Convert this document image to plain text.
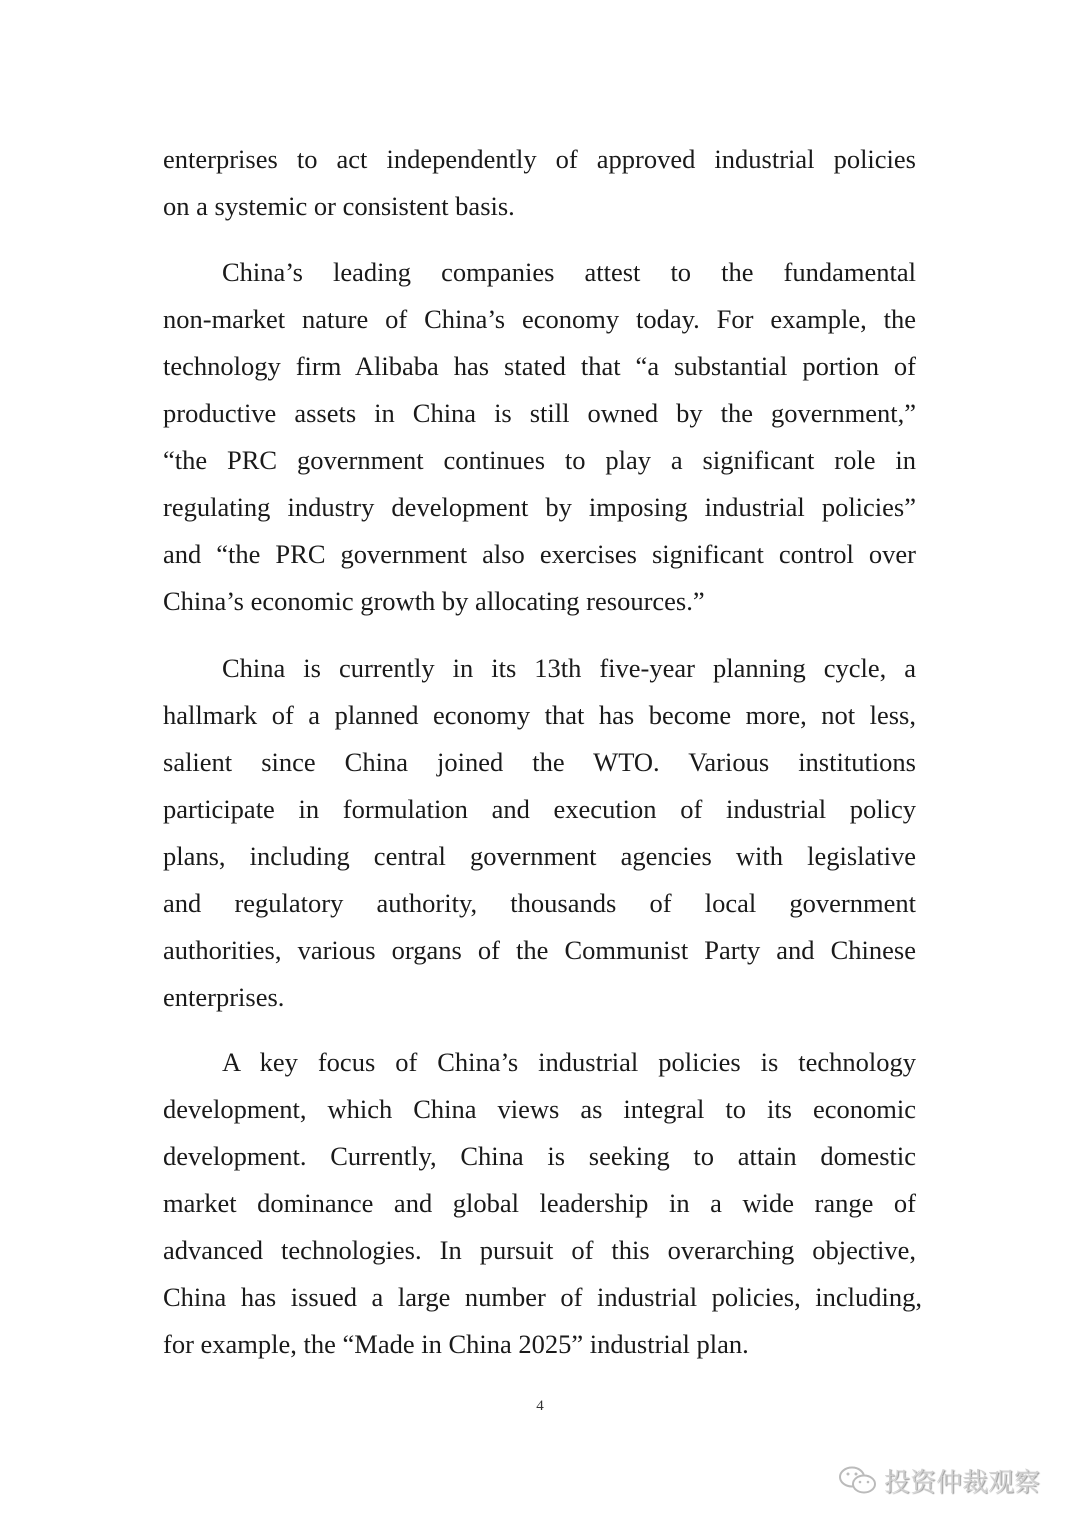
enterprises to act independently of approved industrial policies
on a systemic or consistent basis.
China’s leading companies attest to the fundamental
non-market nature of China’s economy today. For example, the
technology firm Alibaba has stated that “a substantial portion of
productive assets in China is still owned by the government,”
“the PRC government continues to play a significant role in
regulating industry development by imposing industrial policies”
and “the PRC government also exercises significant control over
China’s economic growth by allocating resources.”
China is currently in its 13th five-year planning cycle, a
hallmark of a planned economy that has become more, not less,
salient since China joined the WTO. Various institutions
participate in formulation and execution of industrial policy
plans, including central government agencies with legislative
and regulatory authority, thousands of local government
authorities, various organs of the Communist Party and Chinese
enterprises.
A key focus of China’s industrial policies is technology
development, which China views as integral to its economic
development. Currently, China is seeking to attain domestic
market dominance and global leadership in a wide range of
advanced technologies. In pursuit of this overarching objective,
China has issued a large number of industrial policies, including,
for example, the “Made in China 2025” industrial plan.
4
投资仲裁观察
